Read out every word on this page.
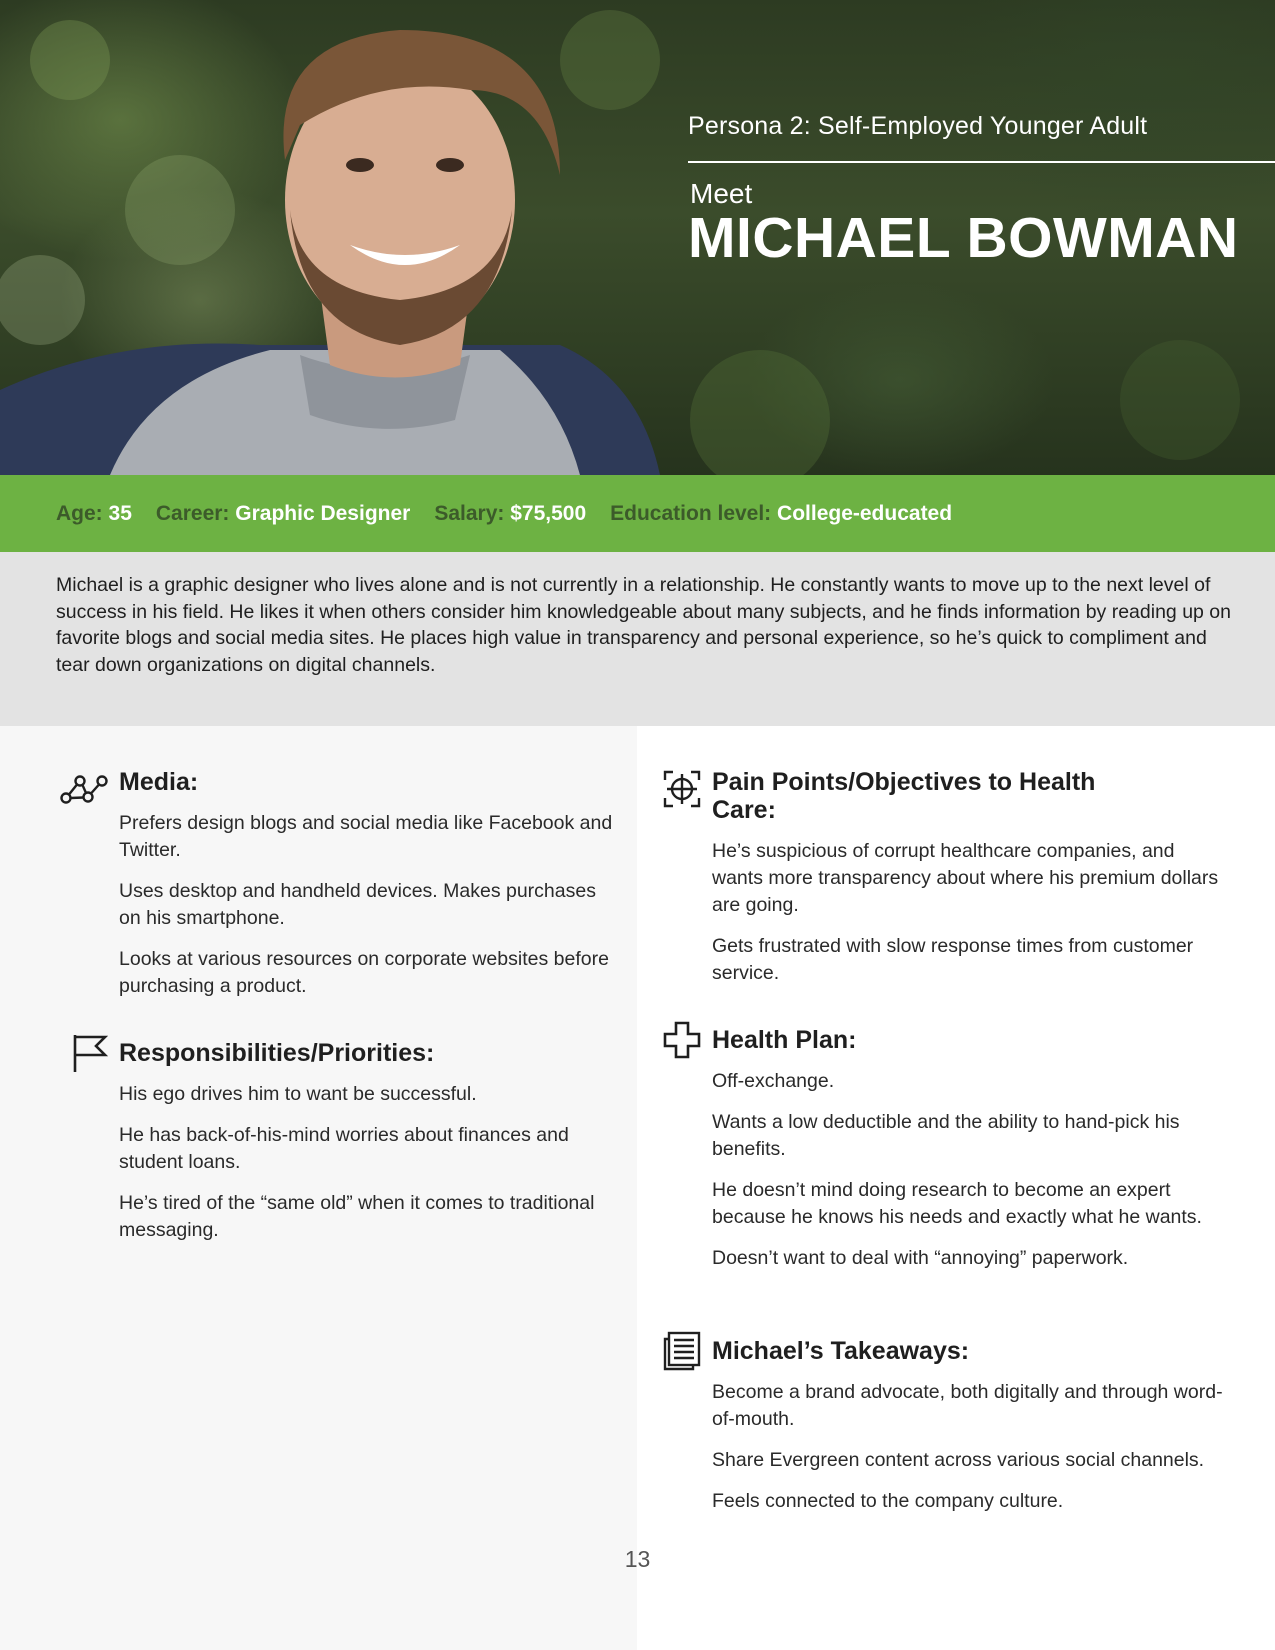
Persona 2: Self-Employed Younger Adult
Meet
MICHAEL BOWMAN
Age: 35 Career: Graphic Designer Salary: $75,500 Education level: College-educated

Michael is a graphic designer who lives alone and is not currently in a relationship. He constantly wants to move up to the next level of success in his field. He likes it when others consider him knowledgeable about many subjects, and he finds information by reading up on favorite blogs and social media sites. He places high value in transparency and personal experience, so he’s quick to compliment and tear down organizations on digital channels.

Media:
Prefers design blogs and social media like Facebook and Twitter.
Uses desktop and handheld devices. Makes purchases on his smartphone.
Looks at various resources on corporate websites before purchasing a product.
Responsibilities/Priorities:
His ego drives him to want be successful.
He has back-of-his-mind worries about finances and student loans.
He’s tired of the “same old” when it comes to traditional messaging.
Pain Points/Objectives to Health Care:
He’s suspicious of corrupt healthcare companies, and wants more transparency about where his premium dollars are going.
Gets frustrated with slow response times from customer service.
Health Plan:
Off-exchange.
Wants a low deductible and the ability to hand-pick his benefits.
He doesn’t mind doing research to become an expert because he knows his needs and exactly what he wants.
Doesn’t want to deal with “annoying” paperwork.
Michael’s Takeaways:
Become a brand advocate, both digitally and through word-of-mouth.
Share Evergreen content across various social channels.
Feels connected to the company culture.
13
